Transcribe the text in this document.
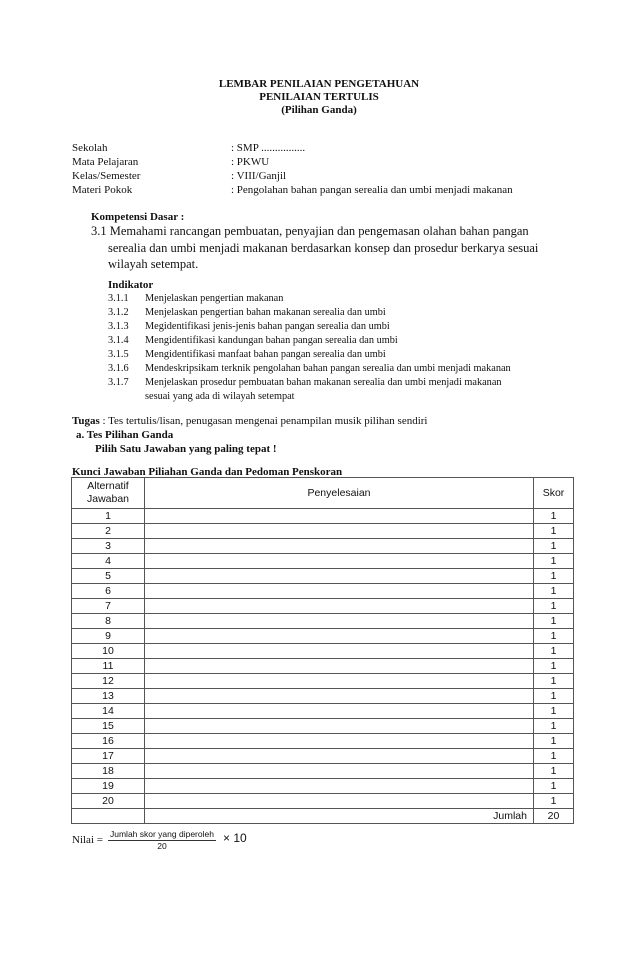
LEMBAR PENILAIAN PENGETAHUAN
PENILAIAN TERTULIS
(Pilihan Ganda)
Sekolah	: SMP ................
Mata Pelajaran	: PKWU
Kelas/Semester	: VIII/Ganjil
Materi Pokok	: Pengolahan bahan pangan serealia dan umbi menjadi makanan
Kompetensi Dasar :
3.1 Memahami rancangan pembuatan, penyajian dan pengemasan olahan bahan pangan
serealia dan umbi menjadi makanan berdasarkan konsep dan prosedur berkarya sesuai
wilayah setempat.
Indikator
3.1.1 Menjelaskan pengertian makanan
3.1.2 Menjelaskan pengertian bahan makanan serealia dan umbi
3.1.3 Megidentifikasi jenis-jenis bahan pangan serealia dan umbi
3.1.4 Mengidentifikasi kandungan bahan pangan serealia dan umbi
3.1.5 Mengidentifikasi manfaat bahan pangan serealia dan umbi
3.1.6 Mendeskripsikam terknik pengolahan bahan pangan serealia dan umbi menjadi makanan
3.1.7 Menjelaskan prosedur pembuatan bahan makanan serealia dan umbi menjadi makanan
sesuai yang ada di wilayah setempat
Tugas : Tes tertulis/lisan, penugasan mengenai penampilan musik pilihan sendiri
a. Tes Pilihan Ganda
Pilih Satu Jawaban yang paling tepat !
Kunci Jawaban Piliahan Ganda dan Pedoman Penskoran
Alternatif
Jawaban	Penyelesaian	Skor
1		1
2		1
3		1
4		1
5		1
6		1
7		1
8		1
9		1
10		1
11		1
12		1
13		1
14		1
15		1
16		1
17		1
18		1
19		1
20		1
	Jumlah	20
Nilai = Jumlah skor yang diperoleh
20
× 10
